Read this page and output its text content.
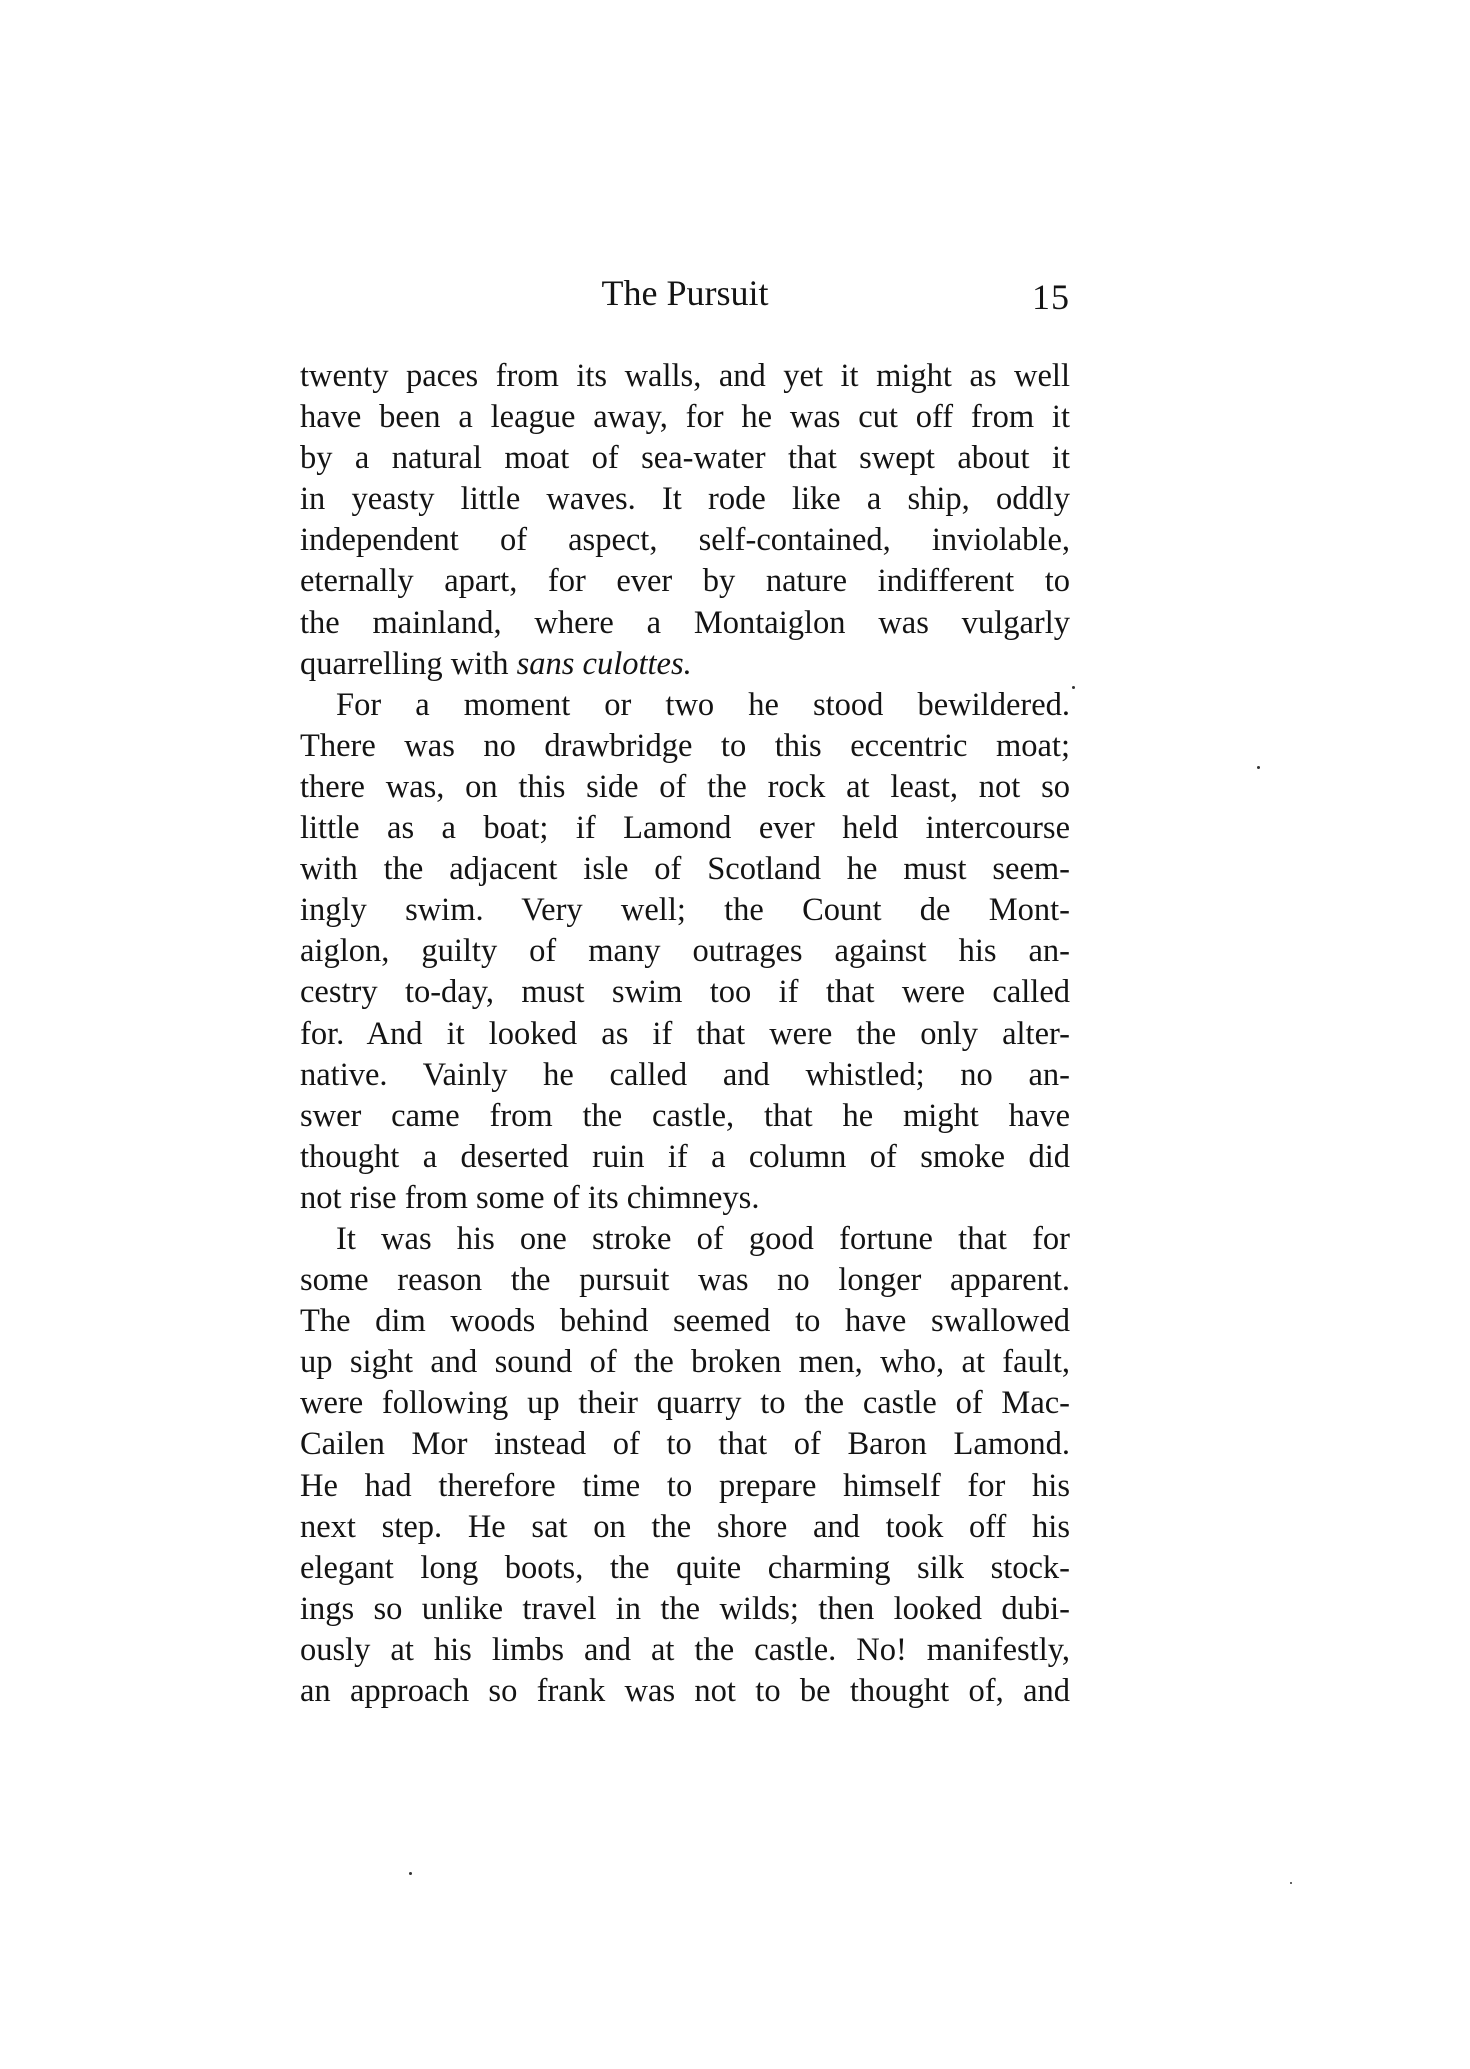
The Pursuit	15
twenty paces from its walls, and yet it might as well
have been a league away, for he was cut off from it
by a natural moat of sea-water that swept about it
in yeasty little waves. It rode like a ship, oddly
independent of aspect, self-contained, inviolable,
eternally apart, for ever by nature indifferent to
the mainland, where a Montaiglon was vulgarly
quarrelling with sans culottes.
For a moment or two he stood bewildered.
There was no drawbridge to this eccentric moat;
there was, on this side of the rock at least, not so
little as a boat; if Lamond ever held intercourse
with the adjacent isle of Scotland he must seem-
ingly swim. Very well; the Count de Mont-
aiglon, guilty of many outrages against his an-
cestry to-day, must swim too if that were called
for. And it looked as if that were the only alter-
native. Vainly he called and whistled; no an-
swer came from the castle, that he might have
thought a deserted ruin if a column of smoke did
not rise from some of its chimneys.
It was his one stroke of good fortune that for
some reason the pursuit was no longer apparent.
The dim woods behind seemed to have swallowed
up sight and sound of the broken men, who, at fault,
were following up their quarry to the castle of Mac-
Cailen Mor instead of to that of Baron Lamond.
He had therefore time to prepare himself for his
next step. He sat on the shore and took off his
elegant long boots, the quite charming silk stock-
ings so unlike travel in the wilds; then looked dubi-
ously at his limbs and at the castle. No! manifestly,
an approach so frank was not to be thought of, and
